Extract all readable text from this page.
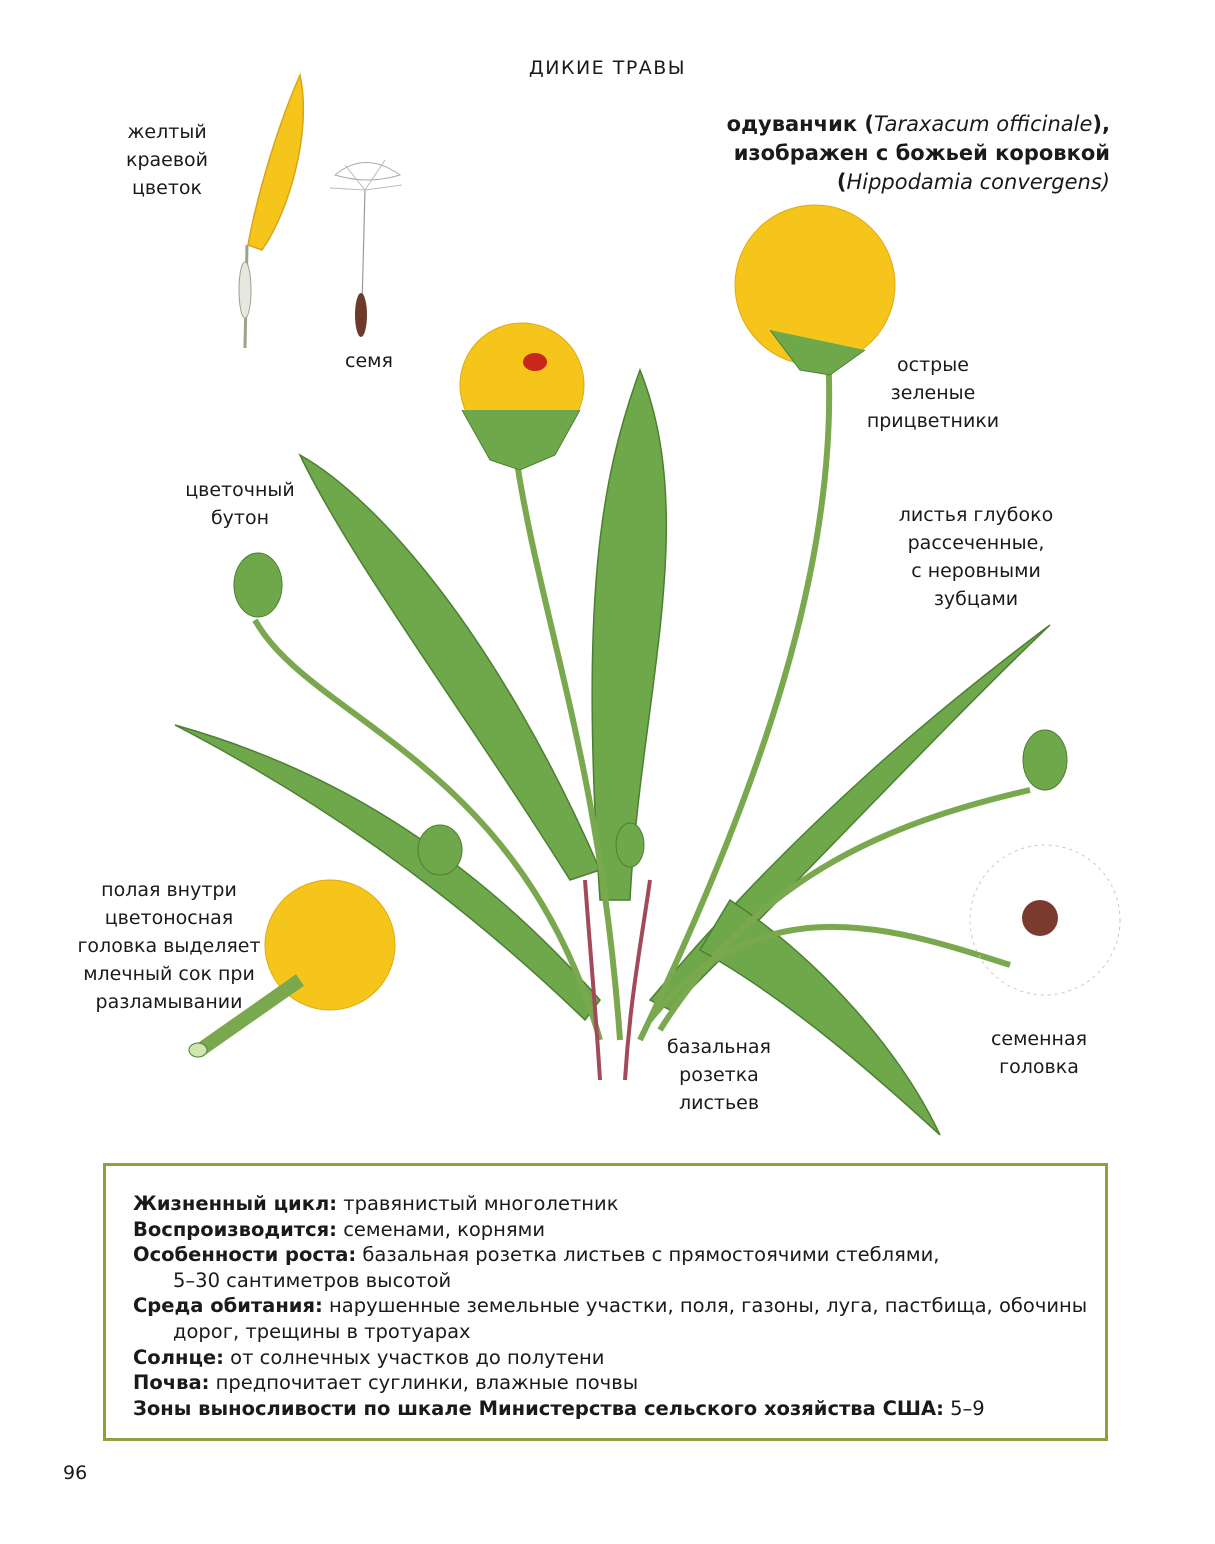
ДИКИЕ ТРАВЫ
одуванчик (Taraxacum officinale),
изображен с божьей коровкой
(Hippodamia convergens)
желтый
краевой
цветок
семя	острые
зеленые
прицветники
цветочный
бутон	листья глубоко
рассеченные,
с неровными
зубцами
полая внутри
цветоносная
головка выделяет
млечный сок при
разламывании
базальная
розетка
листьев
семенная
головка
Жизненный цикл: травянистый многолетник
Воспроизводится: семенами, корнями
Особенности роста: базальная розетка листьев с прямостоячими стеблями,
5–30 сантиметров высотой
Среда обитания: нарушенные земельные участки, поля, газоны, луга, пастбища, обочины
дорог, трещины в тротуарах
Солнце: от солнечных участков до полутени
Почва: предпочитает суглинки, влажные почвы
Зоны выносливости по шкале Министерства сельского хозяйства США: 5–9
96
